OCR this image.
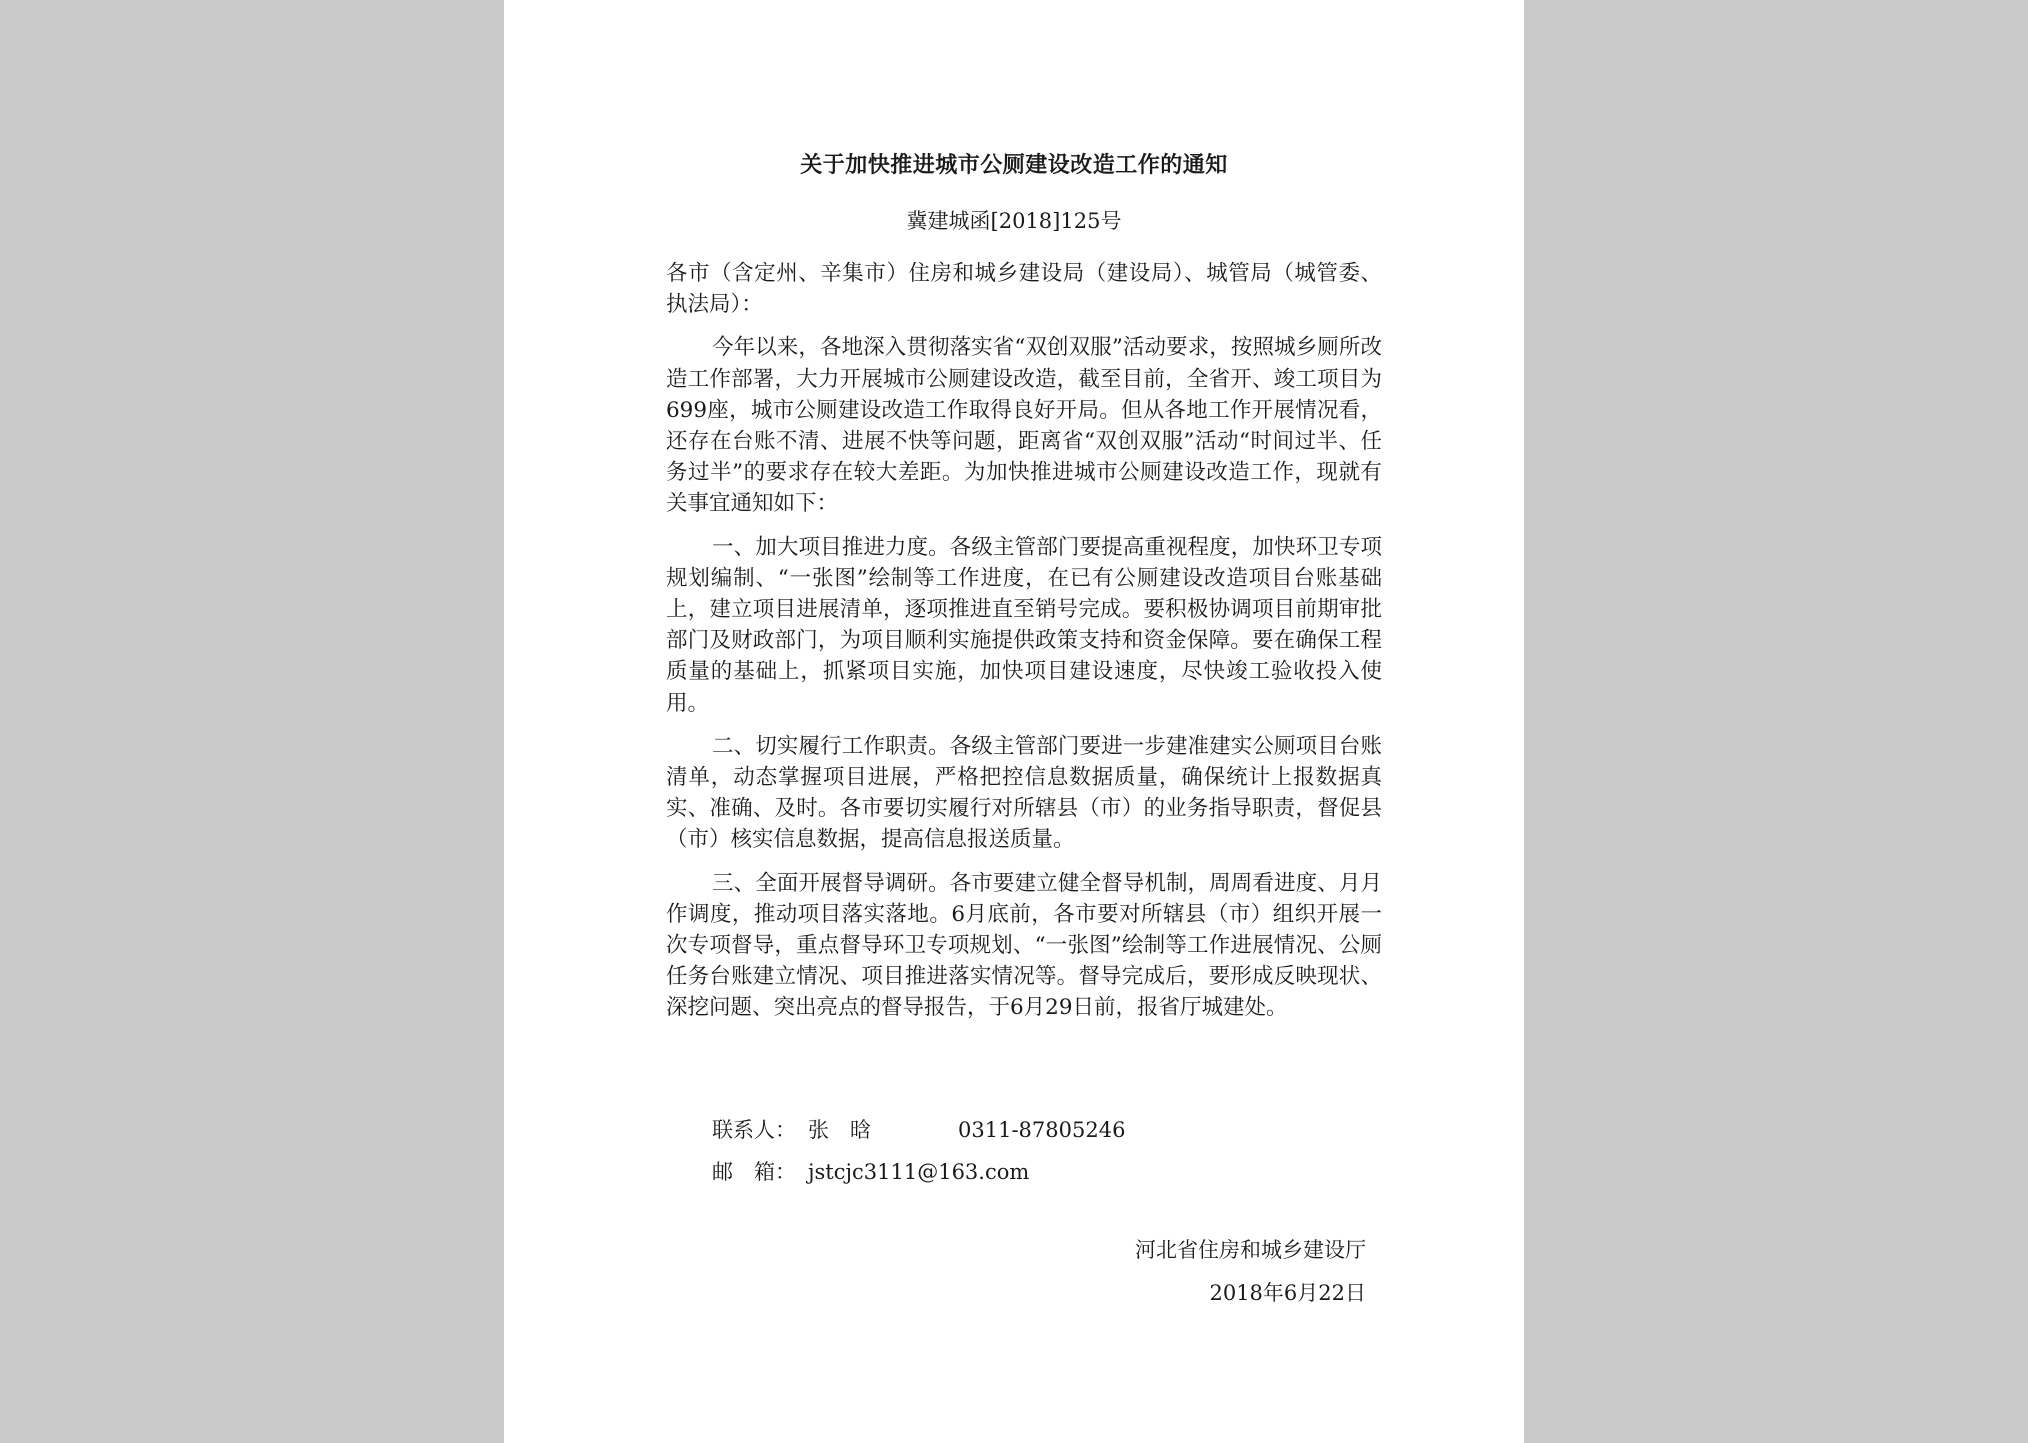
关于加快推进城市公厕建设改造工作的通知
冀建城函[2018]125号

各市（含定州、辛集市）住房和城乡建设局（建设局）、城管局（城管委、执法局）：

今年以来，各地深入贯彻落实省“双创双服”活动要求，按照城乡厕所改造工作部署，大力开展城市公厕建设改造，截至目前，全省开、竣工项目为699座，城市公厕建设改造工作取得良好开局。但从各地工作开展情况看，还存在台账不清、进展不快等问题，距离省“双创双服”活动“时间过半、任务过半”的要求存在较大差距。为加快推进城市公厕建设改造工作，现就有关事宜通知如下：

一、加大项目推进力度。各级主管部门要提高重视程度，加快环卫专项规划编制、“一张图”绘制等工作进度，在已有公厕建设改造项目台账基础上，建立项目进展清单，逐项推进直至销号完成。要积极协调项目前期审批部门及财政部门，为项目顺利实施提供政策支持和资金保障。要在确保工程质量的基础上，抓紧项目实施，加快项目建设速度，尽快竣工验收投入使用。

二、切实履行工作职责。各级主管部门要进一步建准建实公厕项目台账清单，动态掌握项目进展，严格把控信息数据质量，确保统计上报数据真实、准确、及时。各市要切实履行对所辖县（市）的业务指导职责，督促县（市）核实信息数据，提高信息报送质量。

三、全面开展督导调研。各市要建立健全督导机制，周周看进度、月月作调度，推动项目落实落地。6月底前，各市要对所辖县（市）组织开展一次专项督导，重点督导环卫专项规划、“一张图”绘制等工作进展情况、公厕任务台账建立情况、项目推进落实情况等。督导完成后，要形成反映现状、深挖问题、突出亮点的督导报告，于6月29日前，报省厅城建处。

联系人： 张　晗	0311-87805246
邮　箱： jstcjc3111@163.com
河北省住房和城乡建设厅
2018年6月22日
